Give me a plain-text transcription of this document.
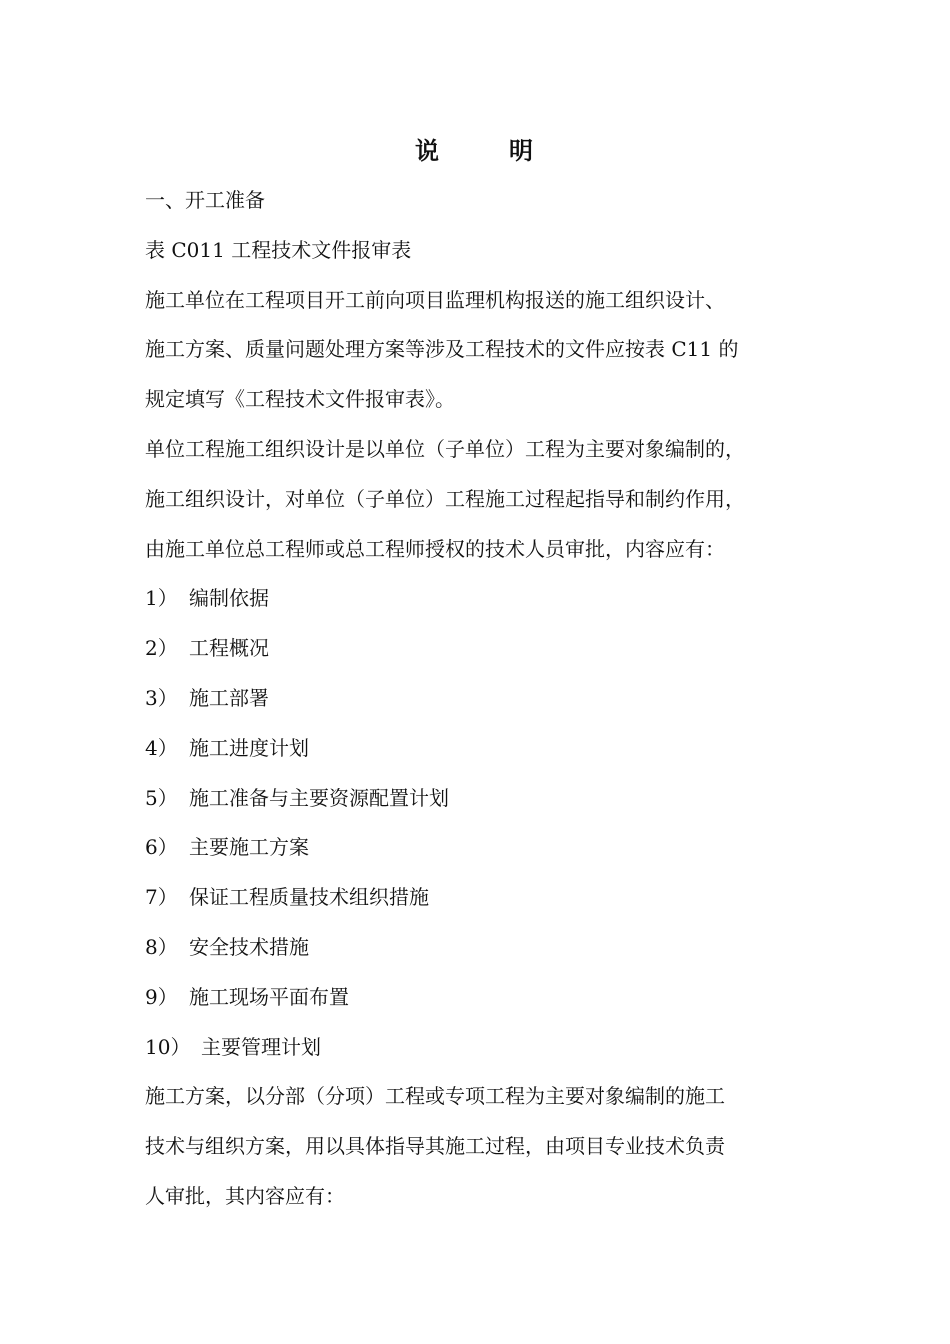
说	明
一、开工准备
表 C011 工程技术文件报审表
施工单位在工程项目开工前向项目监理机构报送的施工组织设计、
施工方案、质量问题处理方案等涉及工程技术的文件应按表 C11 的
规定填写《工程技术文件报审表》。
单位工程施工组织设计是以单位（子单位）工程为主要对象编制的，
施工组织设计，对单位（子单位）工程施工过程起指导和制约作用，
由施工单位总工程师或总工程师授权的技术人员审批，内容应有：
1） 编制依据
2） 工程概况
3） 施工部署
4） 施工进度计划
5） 施工准备与主要资源配置计划
6） 主要施工方案
7） 保证工程质量技术组织措施
8） 安全技术措施
9） 施工现场平面布置
10） 主要管理计划
施工方案，以分部（分项）工程或专项工程为主要对象编制的施工
技术与组织方案，用以具体指导其施工过程，由项目专业技术负责
人审批，其内容应有：
